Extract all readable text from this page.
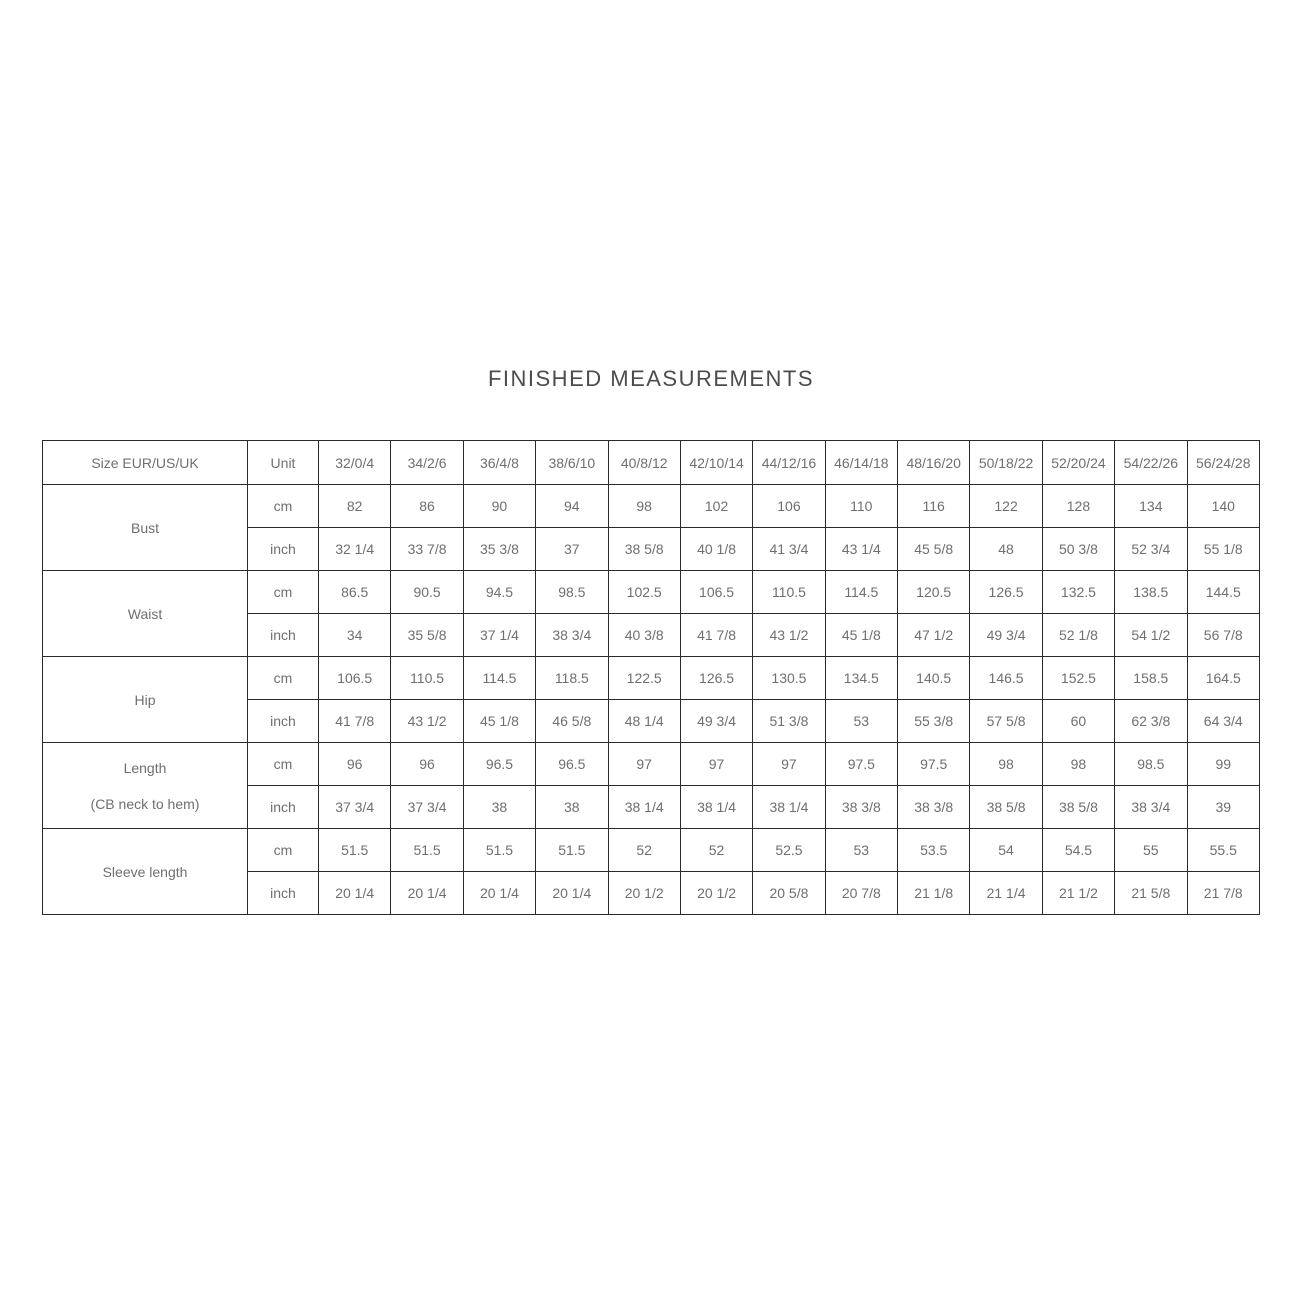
FINISHED MEASUREMENTS
Size EUR/US/UK	Unit	32/0/4	34/2/6	36/4/8	38/6/10	40/8/12	42/10/14	44/12/16	46/14/18	48/16/20	50/18/22	52/20/24	54/22/26	56/24/28

Bust	cm	82	86	90	94	98	102	106	110	116	122	128	134	140
	inch	32 1/4	33 7/8	35 3/8	37	38 5/8	40 1/8	41 3/4	43 1/4	45 5/8	48	50 3/8	52 3/4	55 1/8

Waist	cm	86.5	90.5	94.5	98.5	102.5	106.5	110.5	114.5	120.5	126.5	132.5	138.5	144.5
	inch	34	35 5/8	37 1/4	38 3/4	40 3/8	41 7/8	43 1/2	45 1/8	47 1/2	49 3/4	52 1/8	54 1/2	56 7/8

Hip	cm	106.5	110.5	114.5	118.5	122.5	126.5	130.5	134.5	140.5	146.5	152.5	158.5	164.5
	inch	41 7/8	43 1/2	45 1/8	46 5/8	48 1/4	49 3/4	51 3/8	53	55 3/8	57 5/8	60	62 3/8	64 3/4

Length
(CB neck to hem)	cm	96	96	96.5	96.5	97	97	97	97.5	97.5	98	98	98.5	99
	inch	37 3/4	37 3/4	38	38	38 1/4	38 1/4	38 1/4	38 3/8	38 3/8	38 5/8	38 5/8	38 3/4	39

Sleeve length	cm	51.5	51.5	51.5	51.5	52	52	52.5	53	53.5	54	54.5	55	55.5
	inch	20 1/4	20 1/4	20 1/4	20 1/4	20 1/2	20 1/2	20 5/8	20 7/8	21 1/8	21 1/4	21 1/2	21 5/8	21 7/8
